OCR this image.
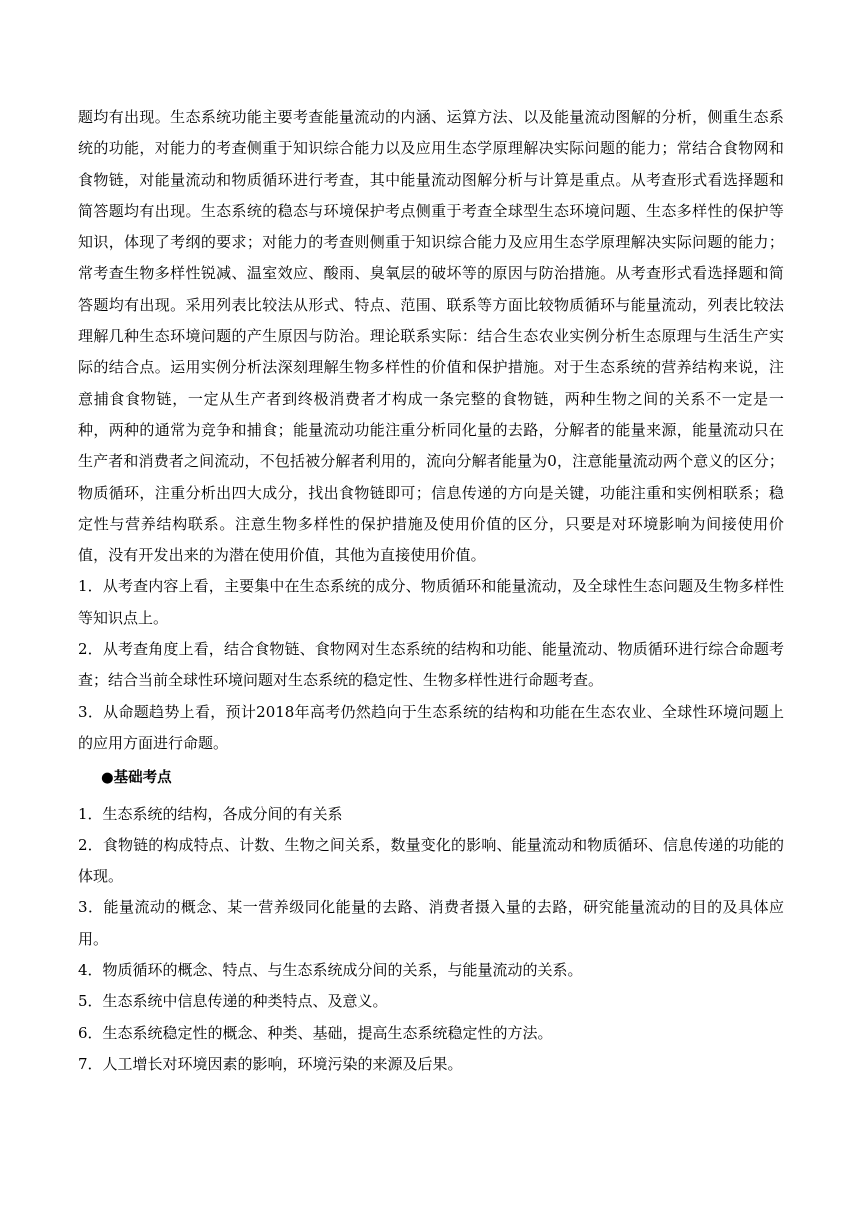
题均有出现。生态系统功能主要考查能量流动的内涵、运算方法、以及能量流动图解的分析，侧重生态系统的功能，对能力的考查侧重于知识综合能力以及应用生态学原理解决实际问题的能力；常结合食物网和食物链，对能量流动和物质循环进行考查，其中能量流动图解分析与计算是重点。从考查形式看选择题和简答题均有出现。生态系统的稳态与环境保护考点侧重于考查全球型生态环境问题、生态多样性的保护等知识，体现了考纲的要求；对能力的考查则侧重于知识综合能力及应用生态学原理解决实际问题的能力；常考查生物多样性锐减、温室效应、酸雨、臭氧层的破坏等的原因与防治措施。从考查形式看选择题和简答题均有出现。采用列表比较法从形式、特点、范围、联系等方面比较物质循环与能量流动，列表比较法理解几种生态环境问题的产生原因与防治。理论联系实际：结合生态农业实例分析生态原理与生活生产实际的结合点。运用实例分析法深刻理解生物多样性的价值和保护措施。对于生态系统的营养结构来说，注意捕食食物链，一定从生产者到终极消费者才构成一条完整的食物链，两种生物之间的关系不一定是一种，两种的通常为竞争和捕食；能量流动功能注重分析同化量的去路，分解者的能量来源，能量流动只在生产者和消费者之间流动，不包括被分解者利用的，流向分解者能量为0，注意能量流动两个意义的区分；物质循环，注重分析出四大成分，找出食物链即可；信息传递的方向是关键，功能注重和实例相联系；稳定性与营养结构联系。注意生物多样性的保护措施及使用价值的区分，只要是对环境影响为间接使用价值，没有开发出来的为潜在使用价值，其他为直接使用价值。

1．从考查内容上看，主要集中在生态系统的成分、物质循环和能量流动，及全球性生态问题及生物多样性等知识点上。

2．从考查角度上看，结合食物链、食物网对生态系统的结构和功能、能量流动、物质循环进行综合命题考查；结合当前全球性环境问题对生态系统的稳定性、生物多样性进行命题考查。

3．从命题趋势上看，预计2018年高考仍然趋向于生态系统的结构和功能在生态农业、全球性环境问题上的应用方面进行命题。

●基础考点

1．生态系统的结构，各成分间的有关系

2．食物链的构成特点、计数、生物之间关系，数量变化的影响、能量流动和物质循环、信息传递的功能的体现。

3．能量流动的概念、某一营养级同化能量的去路、消费者摄入量的去路，研究能量流动的目的及具体应用。

4．物质循环的概念、特点、与生态系统成分间的关系，与能量流动的关系。

5．生态系统中信息传递的种类特点、及意义。

6．生态系统稳定性的概念、种类、基础，提高生态系统稳定性的方法。

7．人工增长对环境因素的影响，环境污染的来源及后果。
